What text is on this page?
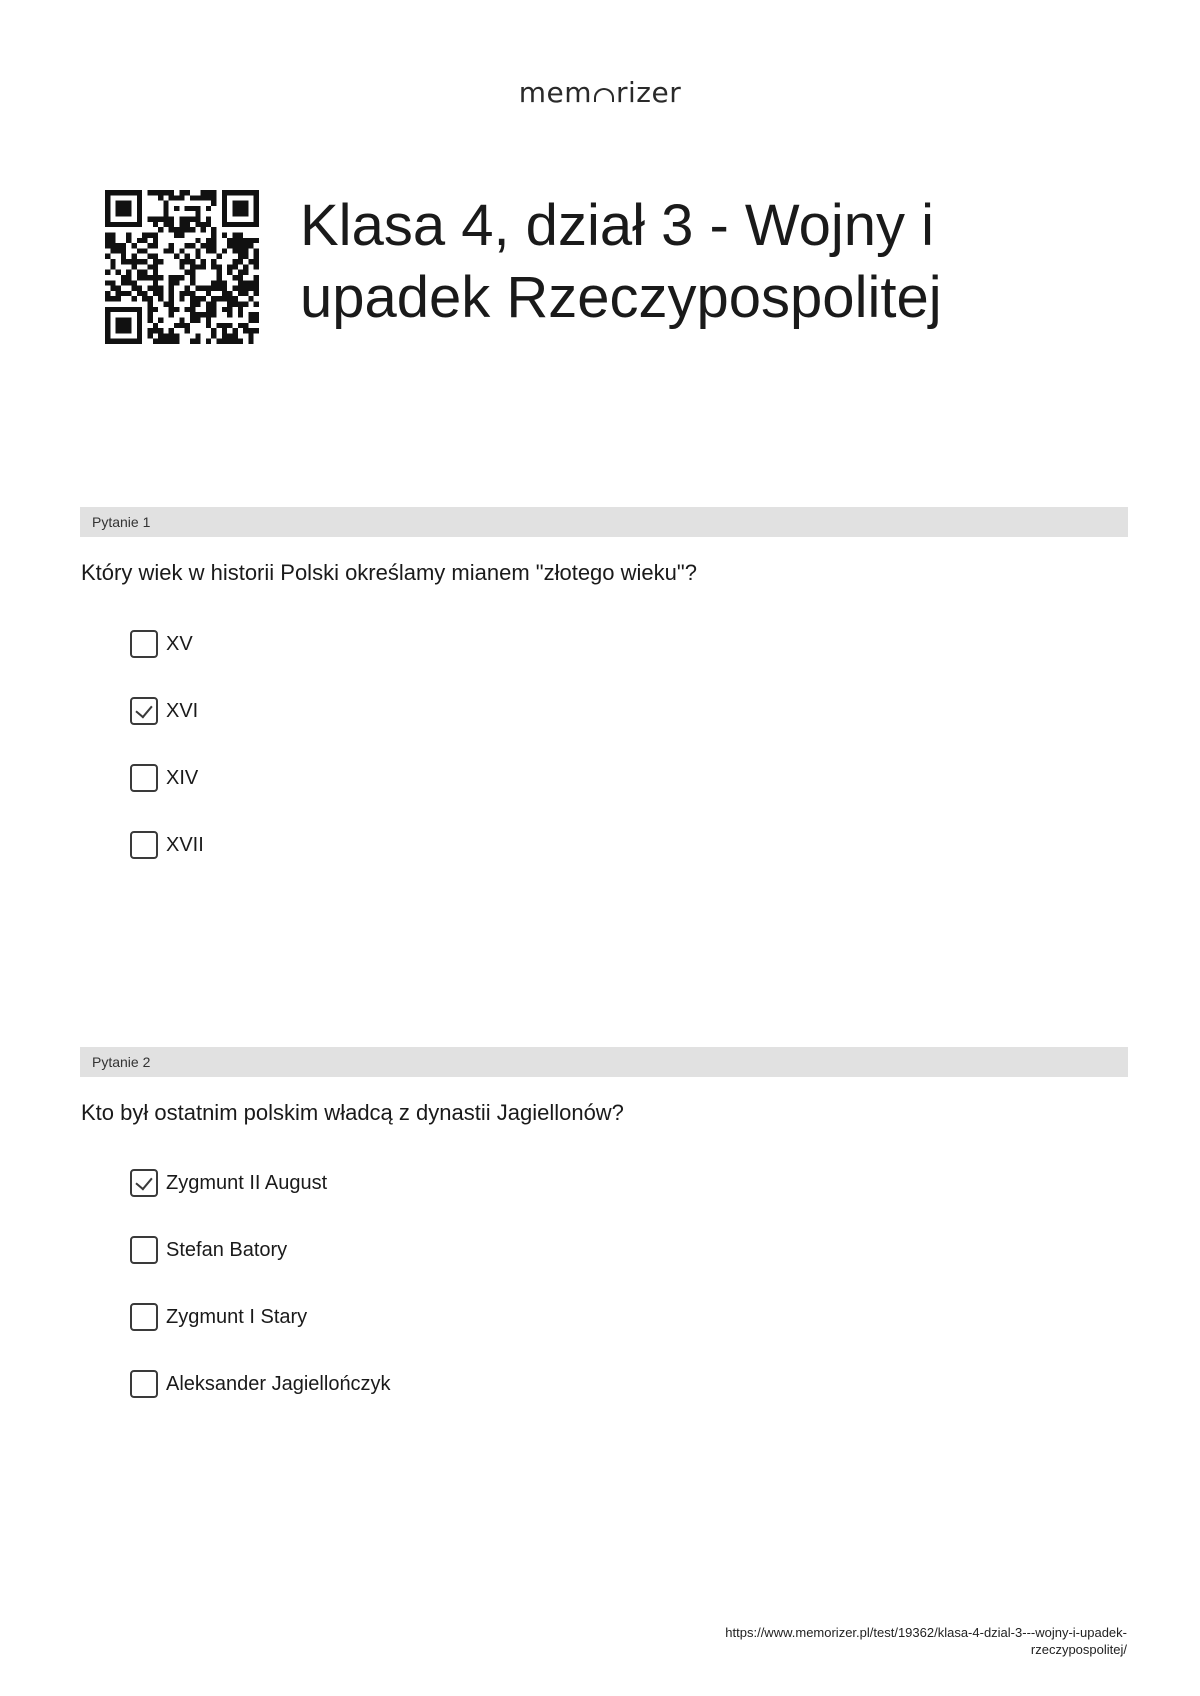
mem rizer
Klasa 4, dział 3 - Wojny i
upadek Rzeczypospolitej
Pytanie 1
Który wiek w historii Polski określamy mianem "złotego wieku"?
XV
XVI
XIV
XVII
Pytanie 2
Kto był ostatnim polskim władcą z dynastii Jagiellonów?
Zygmunt II August
Stefan Batory
Zygmunt I Stary
Aleksander Jagiellończyk
https://www.memorizer.pl/test/19362/klasa-4-dzial-3---wojny-i-upadek-
rzeczypospolitej/
